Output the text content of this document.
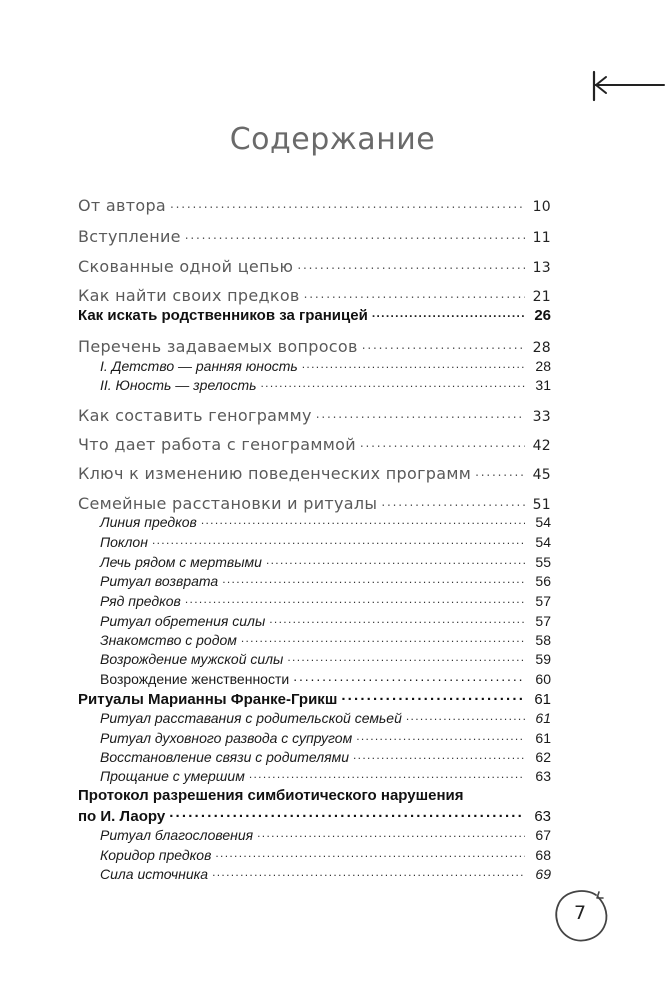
Содержание
От автора . . .	10
Вступление . . .	11
Скованные одной цепью . . .	13
Как найти своих предков . . .	21
Как искать родственников за границей . . .	26
Перечень задаваемых вопросов . . .	28
I. Детство — ранняя юность . . .	28
II. Юность — зрелость . . .	31
Как составить генограмму . . .	33
Что дает работа с генограммой . . .	42
Ключ к изменению поведенческих программ . . .	45
Семейные расстановки и ритуалы . . .	51
Линия предков . . .	54
Поклон . . .	54
Лечь рядом с мертвыми . . .	55
Ритуал возврата . . .	56
Ряд предков . . .	57
Ритуал обретения силы . . .	57
Знакомство с родом . . .	58
Возрождение мужской силы . . .	59
Возрождение женственности . . .	60
Ритуалы Марианны Франке-Грикш . . .	61
Ритуал расставания с родительской семьей . . .	61
Ритуал духовного развода с супругом . . .	61
Восстановление связи с родителями . . .	62
Прощание с умершим . . .	63
Протокол разрешения симбиотического нарушения
по И. Лаору . . .	63
Ритуал благословения . . .	67
Коридор предков . . .	68
Сила источника . . .	69
7
